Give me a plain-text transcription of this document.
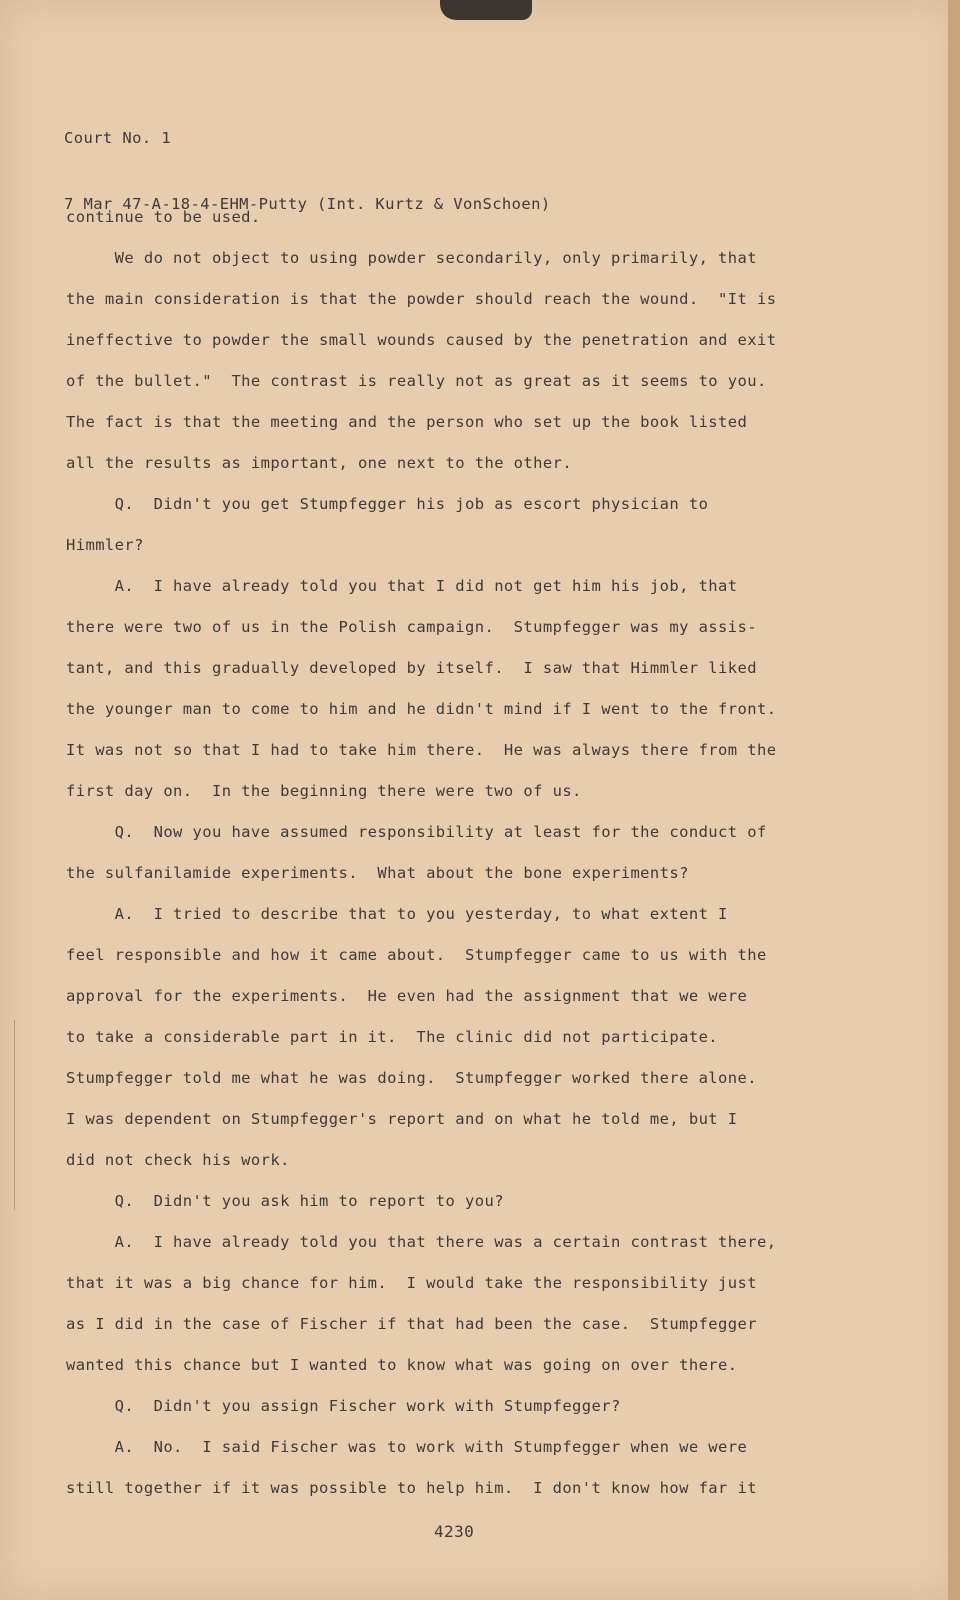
Court No. 1

7 Mar 47-A-18-4-EHM-Putty (Int. Kurtz & VonSchoen)

continue to be used.
We do not object to using powder secondarily, only primarily, that
the main consideration is that the powder should reach the wound.  "It is
ineffective to powder the small wounds caused by the penetration and exit
of the bullet."  The contrast is really not as great as it seems to you.
The fact is that the meeting and the person who set up the book listed
all the results as important, one next to the other.
Q.  Didn't you get Stumpfegger his job as escort physician to
Himmler?
A.  I have already told you that I did not get him his job, that
there were two of us in the Polish campaign.  Stumpfegger was my assis-
tant, and this gradually developed by itself.  I saw that Himmler liked
the younger man to come to him and he didn't mind if I went to the front.
It was not so that I had to take him there.  He was always there from the
first day on.  In the beginning there were two of us.
Q.  Now you have assumed responsibility at least for the conduct of
the sulfanilamide experiments.  What about the bone experiments?
A.  I tried to describe that to you yesterday, to what extent I
feel responsible and how it came about.  Stumpfegger came to us with the
approval for the experiments.  He even had the assignment that we were
to take a considerable part in it.  The clinic did not participate.
Stumpfegger told me what he was doing.  Stumpfegger worked there alone.
I was dependent on Stumpfegger's report and on what he told me, but I
did not check his work.
Q.  Didn't you ask him to report to you?
A.  I have already told you that there was a certain contrast there,
that it was a big chance for him.  I would take the responsibility just
as I did in the case of Fischer if that had been the case.  Stumpfegger
wanted this chance but I wanted to know what was going on over there.
Q.  Didn't you assign Fischer work with Stumpfegger?
A.  No.  I said Fischer was to work with Stumpfegger when we were
still together if it was possible to help him.  I don't know how far it
4230
